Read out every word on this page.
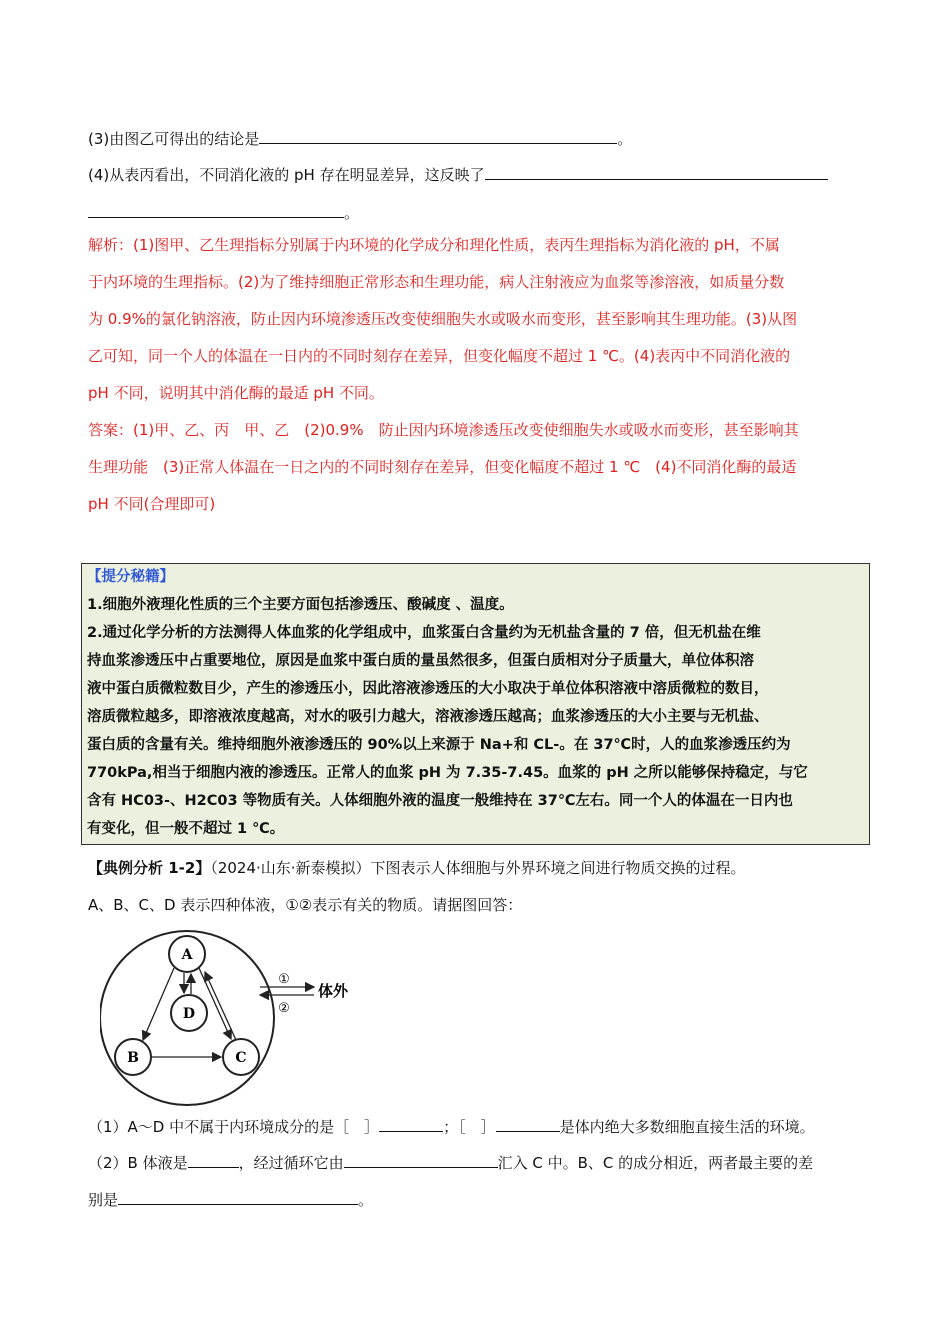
(3)由图乙可得出的结论是	。
(4)从表丙看出，不同消化液的 pH 存在明显差异，这反映了
。
解析：(1)图甲、乙生理指标分别属于内环境的化学成分和理化性质，表丙生理指标为消化液的 pH，不属
于内环境的生理指标。(2)为了维持细胞正常形态和生理功能，病人注射液应为血浆等渗溶液，如质量分数
为 0.9%的氯化钠溶液，防止因内环境渗透压改变使细胞失水或吸水而变形，甚至影响其生理功能。(3)从图
乙可知，同一个人的体温在一日内的不同时刻存在差异，但变化幅度不超过 1 ℃。(4)表丙中不同消化液的
pH 不同，说明其中消化酶的最适 pH 不同。
答案：(1)甲、乙、丙　甲、乙　(2)0.9%　防止因内环境渗透压改变使细胞失水或吸水而变形，甚至影响其
生理功能　(3)正常人体温在一日之内的不同时刻存在差异，但变化幅度不超过 1 ℃　(4)不同消化酶的最适
pH 不同(合理即可)
【提分秘籍】
1.细胞外液理化性质的三个主要方面包括渗透压、酸碱度 、温度。
2.通过化学分析的方法测得人体血浆的化学组成中，血浆蛋白含量约为无机盐含量的 7 倍，但无机盐在维
持血浆渗透压中占重要地位，原因是血浆中蛋白质的量虽然很多，但蛋白质相对分子质量大，单位体积溶
液中蛋白质微粒数目少，产生的渗透压小，因此溶液渗透压的大小取决于单位体积溶液中溶质微粒的数目，
溶质微粒越多，即溶液浓度越高，对水的吸引力越大，溶液渗透压越高；血浆渗透压的大小主要与无机盐、
蛋白质的含量有关。维持细胞外液渗透压的 90%以上来源于 Na+和 CL-。在 37℃时，人的血浆渗透压约为
770kPa,相当于细胞内液的渗透压。正常人的血浆 pH 为 7.35-7.45。血浆的 pH 之所以能够保持稳定，与它
含有 HC03-、H2C03 等物质有关。人体细胞外液的温度一般维持在 37℃左右。同一个人的体温在一日内也
有变化，但一般不超过 1 ℃。
【典例分析 1-2】（2024·山东·新泰模拟）下图表示人体细胞与外界环境之间进行物质交换的过程。
A、B、C、D 表示四种体液，①②表示有关的物质。请据图回答：
A
B	C
D
①
②
体外
（1）A～D 中不属于内环境成分的是［　］	；［　］	是体内绝大多数细胞直接生活的环境。
（2）B 体液是	，经过循环它由	汇入 C 中。B、C 的成分相近，两者最主要的差
别是	。
